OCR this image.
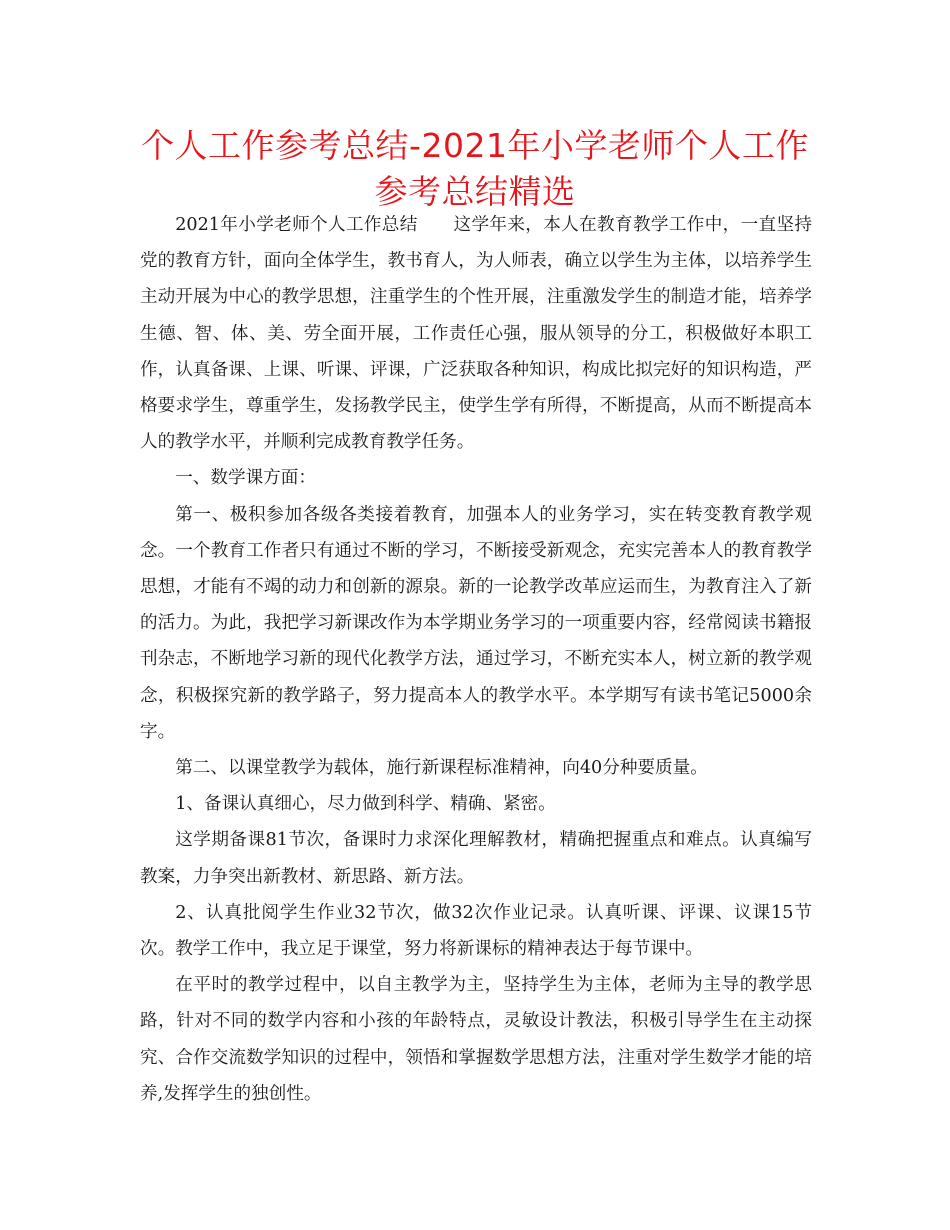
个人工作参考总结-2021年小学老师个人工作参考总结精选

2021年小学老师个人工作总结　　这学年来，本人在教育教学工作中，一直坚持党的教育方针，面向全体学生，教书育人，为人师表，确立以学生为主体，以培养学生主动开展为中心的教学思想，注重学生的个性开展，注重激发学生的制造才能，培养学生德、智、体、美、劳全面开展，工作责任心强，服从领导的分工，积极做好本职工作，认真备课、上课、听课、评课，广泛获取各种知识，构成比拟完好的知识构造，严格要求学生，尊重学生，发扬教学民主，使学生学有所得，不断提高，从而不断提高本人的教学水平，并顺利完成教育教学任务。

一、数学课方面：

第一、极积参加各级各类接着教育，加强本人的业务学习，实在转变教育教学观念。一个教育工作者只有通过不断的学习，不断接受新观念，充实完善本人的教育教学思想，才能有不竭的动力和创新的源泉。新的一论教学改革应运而生，为教育注入了新的活力。为此，我把学习新课改作为本学期业务学习的一项重要内容，经常阅读书籍报刊杂志，不断地学习新的现代化教学方法，通过学习，不断充实本人，树立新的教学观念，积极探究新的教学路子，努力提高本人的教学水平。本学期写有读书笔记5000余字。

第二、以课堂教学为载体，施行新课程标准精神，向40分种要质量。

1、备课认真细心，尽力做到科学、精确、紧密。

这学期备课81节次，备课时力求深化理解教材，精确把握重点和难点。认真编写教案，力争突出新教材、新思路、新方法。

2、认真批阅学生作业32节次，做32次作业记录。认真听课、评课、议课15节次。教学工作中，我立足于课堂，努力将新课标的精神表达于每节课中。

在平时的教学过程中，以自主教学为主，坚持学生为主体，老师为主导的教学思路，针对不同的数学内容和小孩的年龄特点，灵敏设计教法，积极引导学生在主动探究、合作交流数学知识的过程中，领悟和掌握数学思想方法，注重对学生数学才能的培养,发挥学生的独创性。
